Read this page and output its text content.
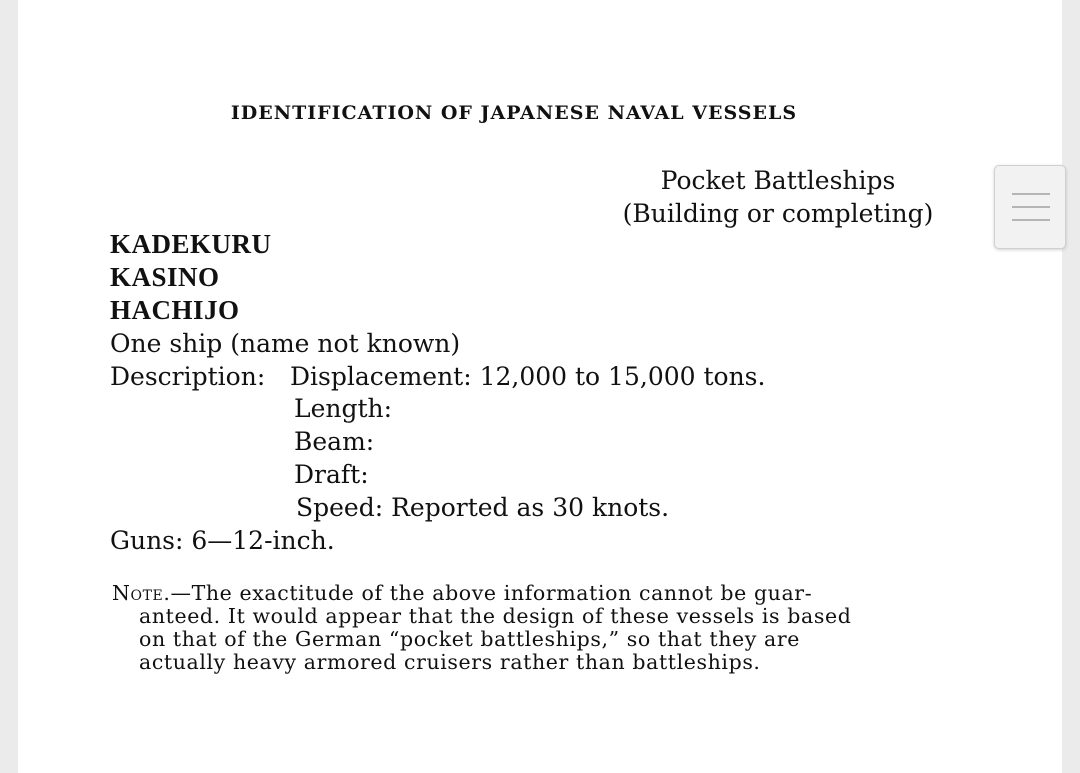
IDENTIFICATION OF JAPANESE NAVAL VESSELS
Pocket Battleships
(Building or completing)
KADEKURU
KASINO
HACHIJO
One ship (name not known)
Description: Displacement: 12,000 to 15,000 tons.
Length:
Beam:
Draft:
Speed: Reported as 30 knots.
Guns: 6—12-inch.
Note.—The exactitude of the above information cannot be guar-
anteed. It would appear that the design of these vessels is based
on that of the German “pocket battleships,” so that they are
actually heavy armored cruisers rather than battleships.
